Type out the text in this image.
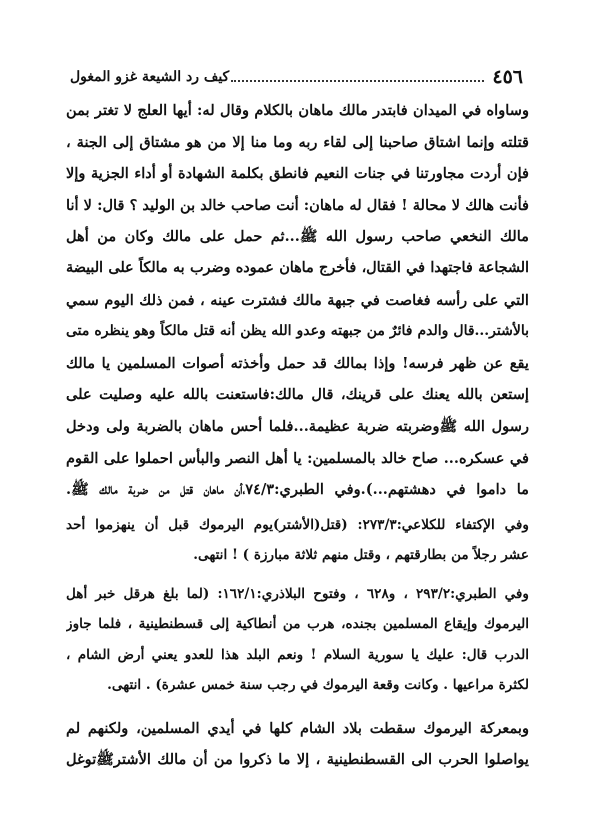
٤٥٦
كيف رد الشيعة غزو المغول

وساواه في الميدان فابتدر مالك ماهان بالكلام وقال له: أيها العلج لا تغتر بمن
قتلته وإنما اشتاق صاحبنا إلى لقاء ربه وما منا إلا من هو مشتاق إلى الجنة ،
فإن أردت مجاورتنا في جنات النعيم فانطق بكلمة الشهادة أو أداء الجزية وإلا
فأنت هالك لا محالة ! فقال له ماهان: أنت صاحب خالد بن الوليد ؟ قال: لا أنا
مالك النخعي صاحب رسول الله ﷺ...ثم حمل على مالك وكان من أهل
الشجاعة فاجتهدا في القتال، فأخرج ماهان عموده وضرب به مالكاً على البيضة
التي على رأسه فغاصت في جبهة مالك فشترت عينه ، فمن ذلك اليوم سمي
بالأشتر...قال والدم فائرٌ من جبهته وعدو الله يظن أنه قتل مالكاً وهو ينظره متى
يقع عن ظهر فرسه! وإذا بمالك قد حمل وأخذته أصوات المسلمين يا مالك
إستعن بالله يعنك على قرينك، قال مالك:فاستعنت بالله عليه وصليت على
رسول الله ﷺوضربته ضربة عظيمة...فلما أحس ماهان بالضربة ولى ودخل
في عسكره... صاح خالد بالمسلمين: يا أهل النصر والبأس احملوا على القوم
ما داموا في دهشتهم...).وفي الطبري:٧٤/٣،أن ماهان قتل من ضربة مالك ﷺ.

وفي الإكتفاء للكلاعي:٢٧٣/٣: (قتل(الأشتر)يوم اليرموك قبل أن ينهزموا أحد
عشر رجلاً من بطارقتهم ، وقتل منهم ثلاثة مبارزة ) ! انتهى.

وفي الطبري:٢٩٣/٢ ، و٦٢٨ ، وفتوح البلاذري:١٦٢/١: (لما بلغ هرقل خبر أهل
اليرموك وإيقاع المسلمين بجنده، هرب من أنطاكية إلى قسطنطينية ، فلما جاوز
الدرب قال: عليك يا سورية السلام ! ونعم البلد هذا للعدو يعني أرض الشام ،
لكثرة مراعيها . وكانت وقعة اليرموك في رجب سنة خمس عشرة) . انتهى.

وبمعركة اليرموك سقطت بلاد الشام كلها في أيدي المسلمين، ولكنهم لم
يواصلوا الحرب الى القسطنطينية ، إلا ما ذكروا من أن مالك الأشترﷺتوغل
